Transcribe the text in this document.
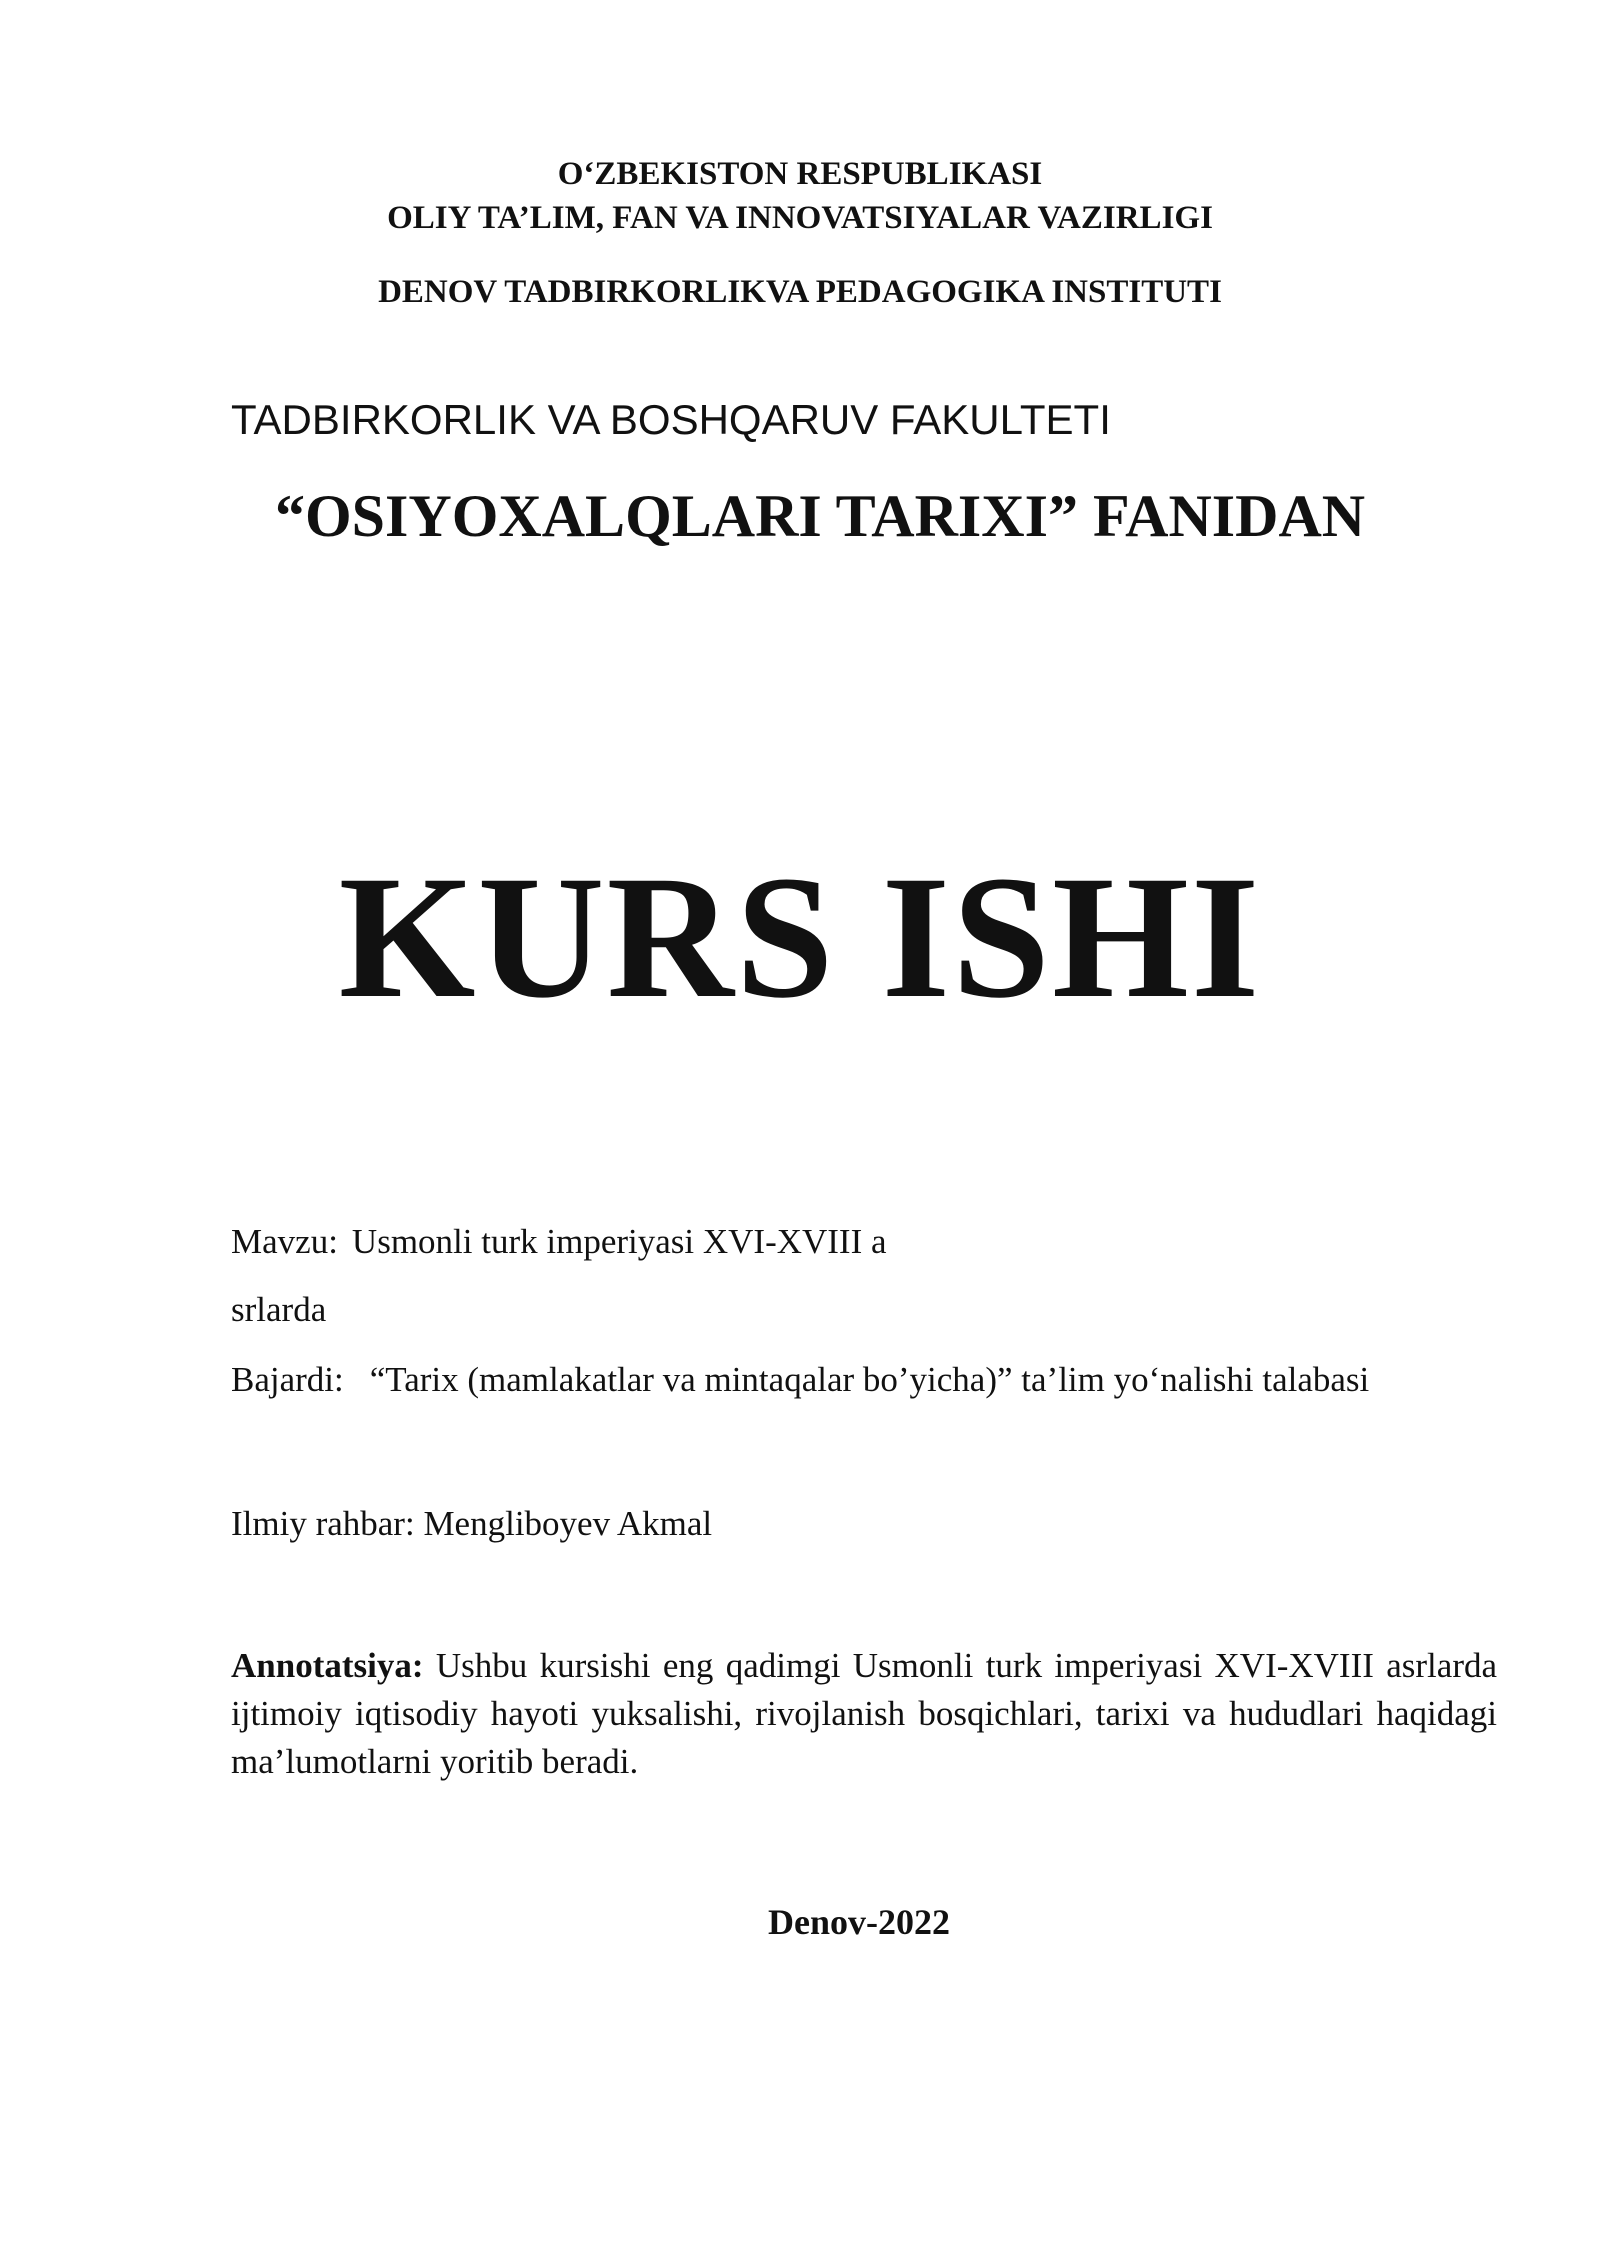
O‘ZBEKISTON RESPUBLIKASI

OLIY TA’LIM, FAN VA INNOVATSIYALAR VAZIRLIGI

DENOV TADBIRKORLIKVA PEDAGOGIKA INSTITUTI

TADBIRKORLIK VA BOSHQARUV FAKULTETI

“OSIYOXALQLARI TARIXI” FANIDAN

KURS ISHI

Mavzu: Usmonli turk imperiyasi XVI-XVIII a

srlarda

Bajardi: “Tarix (mamlakatlar va mintaqalar bo’yicha)” ta’lim yo‘nalishi talabasi

Ilmiy rahbar: Mengliboyev Akmal

Annotatsiya: Ushbu kursishi eng qadimgi Usmonli turk imperiyasi XVI-XVIII asrlarda ijtimoiy iqtisodiy hayoti yuksalishi, rivojlanish bosqichlari, tarixi va hududlari haqidagi ma’lumotlarni yoritib beradi.

Denov-2022
